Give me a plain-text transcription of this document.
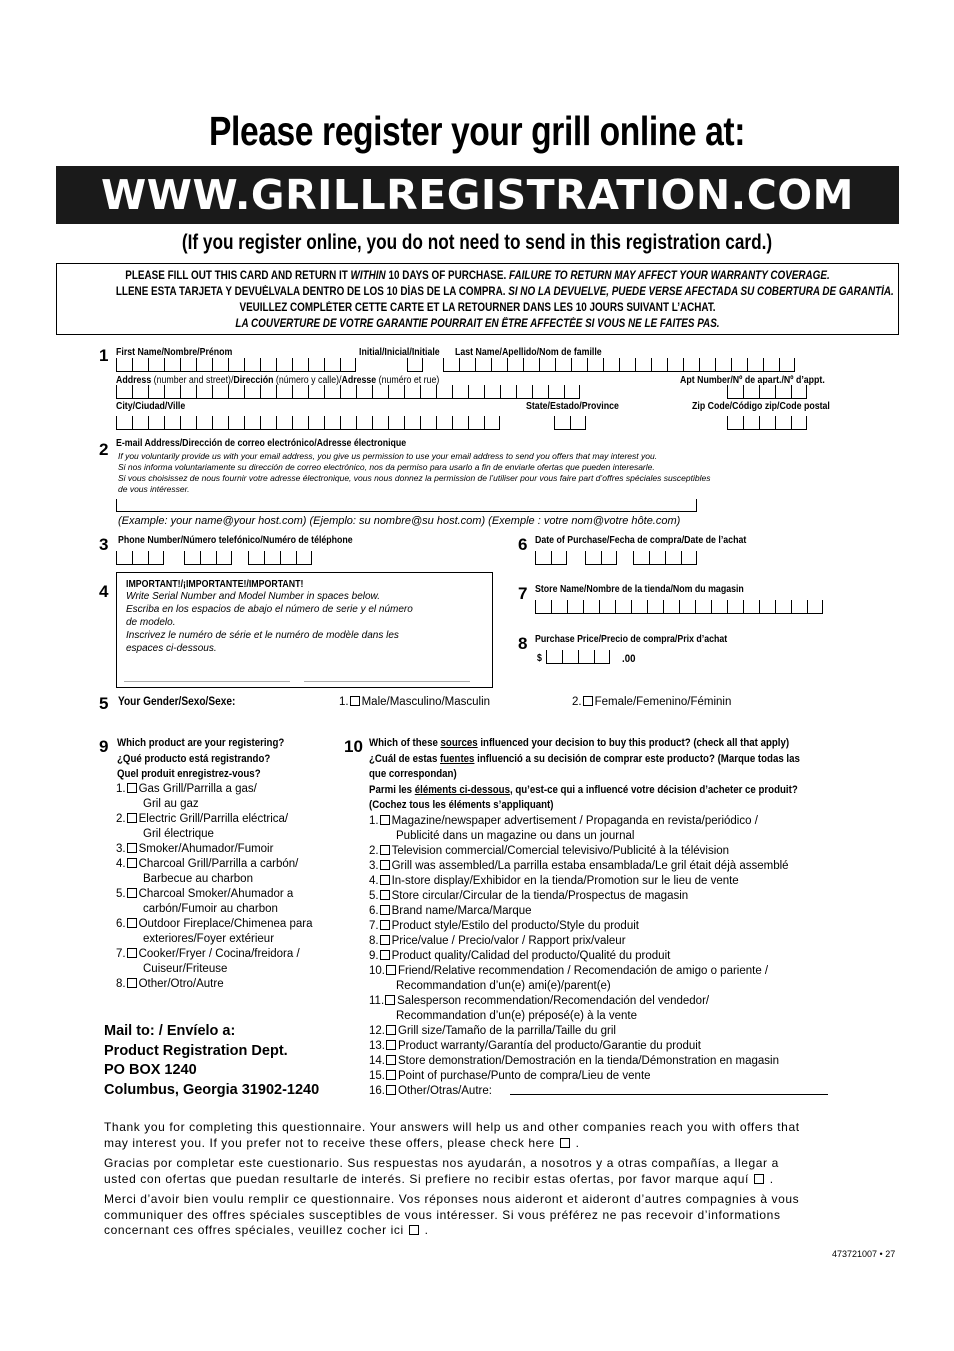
Please register your grill online at:
WWW.GRILLREGISTRATION.COM
(If you register online, you do not need to send in this registration card.)
PLEASE FILL OUT THIS CARD AND RETURN IT WITHIN 10 DAYS OF PURCHASE. FAILURE TO RETURN MAY AFFECT YOUR WARRANTY COVERAGE.
LLENE ESTA TARJETA Y DEVUÉLVALA DENTRO DE LOS 10 DÍAS DE LA COMPRA. SI NO LA DEVUELVE, PUEDE VERSE AFECTADA SU COBERTURA DE GARANTÍA.
VEUILLEZ COMPLÉTER CETTE CARTE ET LA RETOURNER DANS LES 10 JOURS SUIVANT L’ACHAT.
LA COUVERTURE DE VOTRE GARANTIE POURRAIT EN ÊTRE AFFECTÉE SI VOUS NE LE FAITES PAS.
1 First Name/Nombre/Prénom	Initial/Inicial/Initiale Last Name/Apellido/Nom de famille
Address (number and street)/Dirección (número y calle)/Adresse (numéro et rue)	Apt Number/Nº de apart./Nº d’appt.
City/Ciudad/Ville	State/Estado/Province	Zip Code/Código zip/Code postal
2 E-mail Address/Dirección de correo electrónico/Adresse électronique
If you voluntarily provide us with your email address, you give us permission to use your email address to send you offers that may interest you.
Si nos informa voluntariamente su dirección de correo electrónico, nos da permiso para usarlo a fin de enviarle ofertas que pueden interesarle.
Si vous choisissez de nous fournir votre adresse électronique, vous nous donnez la permission de l’utiliser pour vous faire part d’offres spéciales susceptibles
de vous intéresser.
(Example: your name@your host.com) (Ejemplo: su nombre@su host.com) (Exemple : votre nom@votre hôte.com)
3 Phone Number/Número telefónico/Numéro de téléphone	6 Date of Purchase/Fecha de compra/Date de l’achat
4 IMPORTANT!/¡IMPORTANTE!/IMPORTANT!
Write Serial Number and Model Number in spaces below.
Escriba en los espacios de abajo el número de serie y el número
de modelo.
Inscrivez le numéro de série et le numéro de modèle dans les
espaces ci-dessous.
7 Store Name/Nombre de la tienda/Nom du magasin
8 Purchase Price/Precio de compra/Prix d’achat
$	.00
5 Your Gender/Sexo/Sexe:	1. Male/Masculino/Masculin	2. Female/Femenino/Féminin
9 Which product are your registering?
¿Qué producto está registrando?
Quel produit enregistrez-vous?
1. Gas Grill/Parrilla a gas/
Gril au gaz
2. Electric Grill/Parrilla eléctrica/
Gril électrique
3. Smoker/Ahumador/Fumoir
4. Charcoal Grill/Parrilla a carbón/
Barbecue au charbon
5. Charcoal Smoker/Ahumador a
carbón/Fumoir au charbon
6. Outdoor Fireplace/Chimenea para
exteriores/Foyer extérieur
7. Cooker/Fryer / Cocina/freidora /
Cuiseur/Friteuse
8. Other/Otro/Autre
Mail to: / Envíelo a:
Product Registration Dept.
PO BOX 1240
Columbus, Georgia 31902-1240
10 Which of these sources influenced your decision to buy this product? (check all that apply)
¿Cuál de estas fuentes influenció a su decisión de comprar este producto? (Marque todas las
que correspondan)
Parmi les éléments ci-dessous, qu’est-ce qui a influencé votre décision d’acheter ce produit?
(Cochez tous les éléments s’appliquant)
1. Magazine/newspaper advertisement / Propaganda en revista/periódico /
Publicité dans un magazine ou dans un journal
2. Television commercial/Comercial televisivo/Publicité à la télévision
3. Grill was assembled/La parrilla estaba ensamblada/Le gril était déjà assemblé
4. In-store display/Exhibidor en la tienda/Promotion sur le lieu de vente
5. Store circular/Circular de la tienda/Prospectus de magasin
6. Brand name/Marca/Marque
7. Product style/Estilo del producto/Style du produit
8. Price/value / Precio/valor / Rapport prix/valeur
9. Product quality/Calidad del producto/Qualité du produit
10. Friend/Relative recommendation / Recomendación de amigo o pariente /
Recommandation d’un(e) ami(e)/parent(e)
11. Salesperson recommendation/Recomendación del vendedor/
Recommandation d’un(e) préposé(e) à la vente
12. Grill size/Tamaño de la parrilla/Taille du gril
13. Product warranty/Garantía del producto/Garantie du produit
14. Store demonstration/Demostración en la tienda/Démonstration en magasin
15. Point of purchase/Punto de compra/Lieu de vente
16. Other/Otras/Autre:
Thank you for completing this questionnaire. Your answers will help us and other companies reach you with offers that
may interest you. If you prefer not to receive these offers, please check here  .
Gracias por completar este cuestionario. Sus respuestas nos ayudarán, a nosotros y a otras compañías, a llegar a
usted con ofertas que puedan resultarle de interés. Si prefiere no recibir estas ofertas, por favor marque aquí  .
Merci d’avoir bien voulu remplir ce questionnaire. Vos réponses nous aideront et aideront d’autres compagnies à vous
communiquer des offres spéciales susceptibles de vous intéresser. Si vous préférez ne pas recevoir d’informations
concernant ces offres spéciales, veuillez cocher ici  .
473721007 • 27
